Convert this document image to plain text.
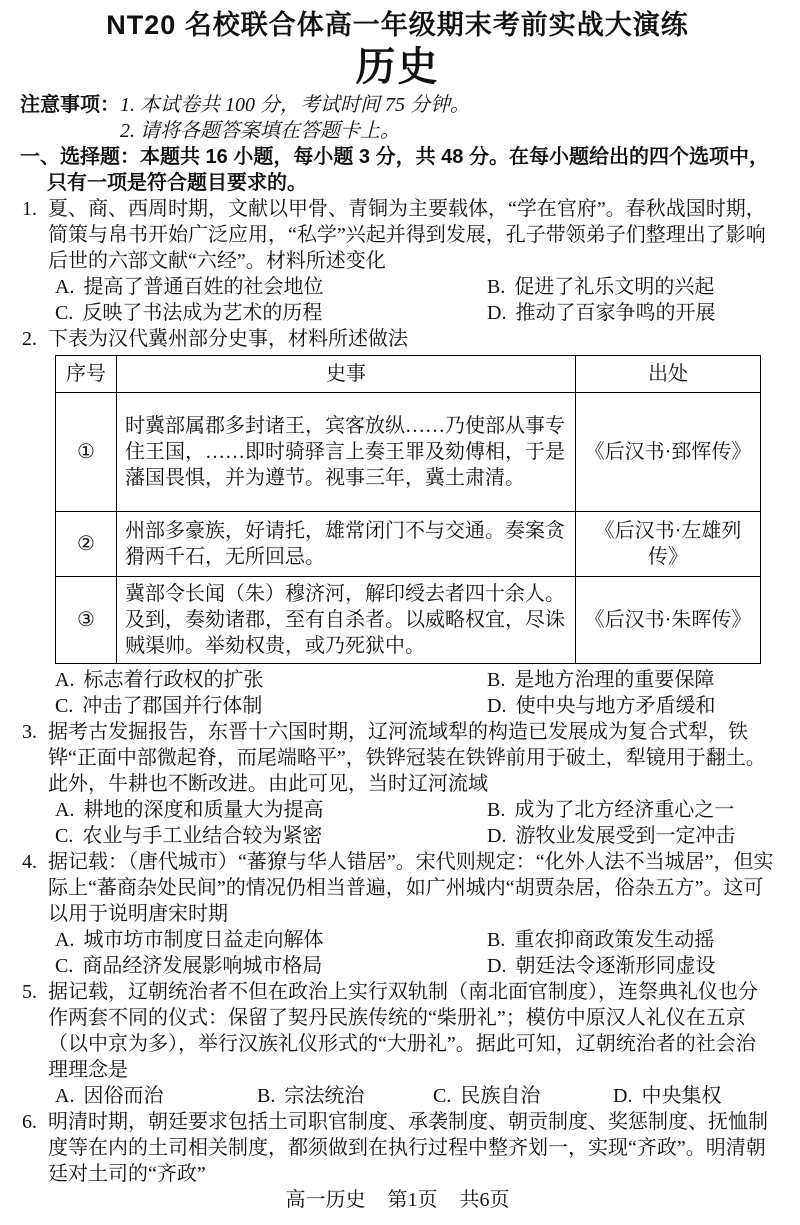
NT20 名校联合体高一年级期末考前实战大演练
历史
注意事项： 1. 本试卷共 100 分，考试时间 75 分钟。
2. 请将各题答案填在答题卡上。
一、选择题：本题共 16 小题，每小题 3 分，共 48 分。在每小题给出的四个选项中，只有一项是符合题目要求的。
1. 夏、商、西周时期，文献以甲骨、青铜为主要载体，“学在官府”。春秋战国时期，简策与帛书开始广泛应用，“私学”兴起并得到发展，孔子带领弟子们整理出了影响后世的六部文献“六经”。材料所述变化
A. 提高了普通百姓的社会地位	B. 促进了礼乐文明的兴起
C. 反映了书法成为艺术的历程	D. 推动了百家争鸣的开展
2. 下表为汉代冀州部分史事，材料所述做法
序号	史事	出处
①	时冀部属郡多封诸王，宾客放纵……乃使部从事专住王国，……即时骑驿言上奏王罪及劾傅相，于是藩国畏惧，并为遵节。视事三年，冀土肃清。	《后汉书·郅恽传》
②	州部多豪族，好请托，雄常闭门不与交通。奏案贪猾两千石，无所回忌。	《后汉书·左雄列传》
③	冀部令长闻（朱）穆济河，解印绶去者四十余人。及到，奏劾诸郡，至有自杀者。以威略权宜，尽诛贼渠帅。举劾权贵，或乃死狱中。	《后汉书·朱晖传》
A. 标志着行政权的扩张	B. 是地方治理的重要保障
C. 冲击了郡国并行体制	D. 使中央与地方矛盾缓和
3. 据考古发掘报告，东晋十六国时期，辽河流域犁的构造已发展成为复合式犁，铁铧“正面中部微起脊，而尾端略平”，铁铧冠装在铁铧前用于破土，犁镜用于翻土。此外，牛耕也不断改进。由此可见，当时辽河流域
A. 耕地的深度和质量大为提高	B. 成为了北方经济重心之一
C. 农业与手工业结合较为紧密	D. 游牧业发展受到一定冲击
4. 据记载：（唐代城市）“蕃獠与华人错居”。宋代则规定：“化外人法不当城居”，但实际上“蕃商杂处民间”的情况仍相当普遍，如广州城内“胡贾杂居，俗杂五方”。这可以用于说明唐宋时期
A. 城市坊市制度日益走向解体	B. 重农抑商政策发生动摇
C. 商品经济发展影响城市格局	D. 朝廷法令逐渐形同虚设
5. 据记载，辽朝统治者不但在政治上实行双轨制（南北面官制度），连祭典礼仪也分作两套不同的仪式：保留了契丹民族传统的“柴册礼”；模仿中原汉人礼仪在五京（以中京为多），举行汉族礼仪形式的“大册礼”。据此可知，辽朝统治者的社会治理理念是
A. 因俗而治	B. 宗法统治	C. 民族自治	D. 中央集权
6. 明清时期，朝廷要求包括土司职官制度、承袭制度、朝贡制度、奖惩制度、抚恤制度等在内的土司相关制度，都须做到在执行过程中整齐划一，实现“齐政”。明清朝廷对土司的“齐政”
高一历史 第1页 共6页
